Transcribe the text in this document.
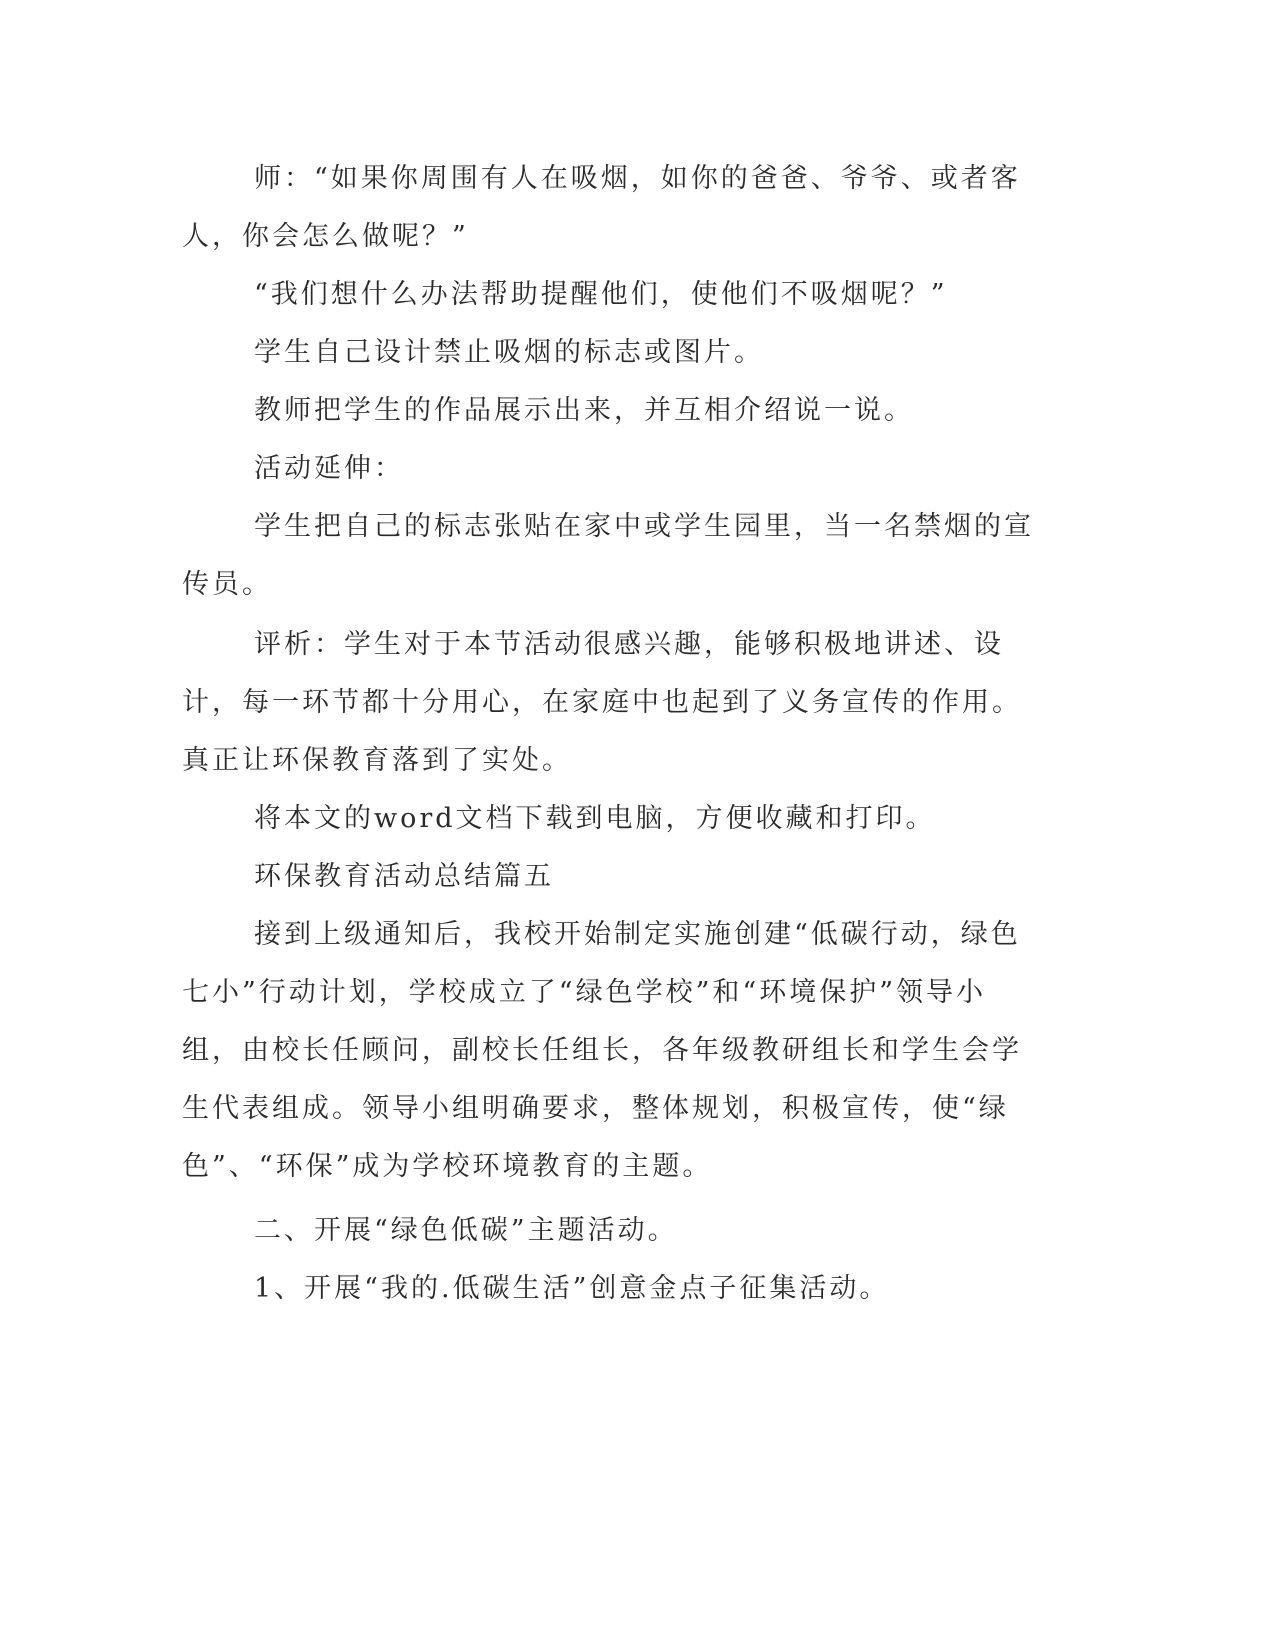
师：“如果你周围有人在吸烟，如你的爸爸、爷爷、或者客人，你会怎么做呢？”

“我们想什么办法帮助提醒他们，使他们不吸烟呢？”

学生自己设计禁止吸烟的标志或图片。

教师把学生的作品展示出来，并互相介绍说一说。

活动延伸：

学生把自己的标志张贴在家中或学生园里，当一名禁烟的宣传员。

评析：学生对于本节活动很感兴趣，能够积极地讲述、设计，每一环节都十分用心，在家庭中也起到了义务宣传的作用。真正让环保教育落到了实处。

将本文的word文档下载到电脑，方便收藏和打印。

环保教育活动总结篇五

接到上级通知后，我校开始制定实施创建“低碳行动，绿色七小”行动计划，学校成立了“绿色学校”和“环境保护”领导小组，由校长任顾问，副校长任组长，各年级教研组长和学生会学生代表组成。领导小组明确要求，整体规划，积极宣传，使“绿色”、“环保”成为学校环境教育的主题。

二、开展“绿色低碳”主题活动。

1、开展“我的.低碳生活”创意金点子征集活动。
